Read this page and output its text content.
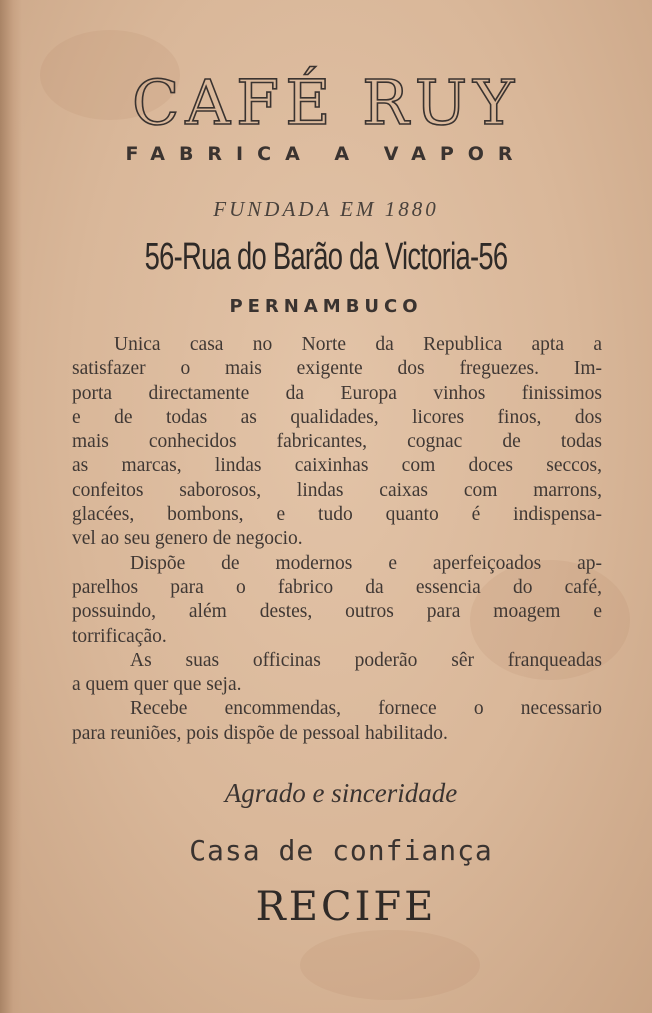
CAFÉ RUY
FABRICA A VAPOR
FUNDADA EM 1880
56-Rua do Barão da Victoria-56
PERNAMBUCO
Unica casa no Norte da Republica apta a
satisfazer o mais exigente dos freguezes. Im-
porta directamente da Europa vinhos finissimos
e de todas as qualidades, licores finos, dos
mais conhecidos fabricantes, cognac de todas
as marcas, lindas caixinhas com doces seccos,
confeitos saborosos, lindas caixas com marrons,
glacées, bombons, e tudo quanto é indispensa-
vel ao seu genero de negocio.
Dispõe de modernos e aperfeiçoados ap-
parelhos para o fabrico da essencia do café,
possuindo, além destes, outros para moagem e
torrificação.
As suas officinas poderão sêr franqueadas
a quem quer que seja.
Recebe encommendas, fornece o necessario
para reuniões, pois dispõe de pessoal habilitado.
Agrado e sinceridade
Casa de confiança
RECIFE
